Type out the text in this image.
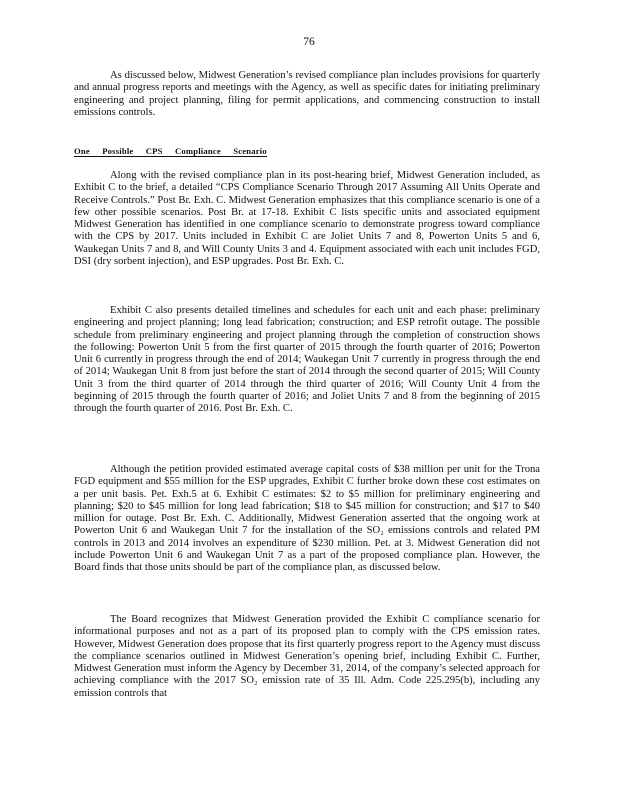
76

As discussed below, Midwest Generation’s revised compliance plan includes provisions for quarterly and annual progress reports and meetings with the Agency, as well as specific dates for initiating preliminary engineering and project planning, filing for permit applications, and commencing construction to install emissions controls.

One Possible CPS Compliance Scenario

Along with the revised compliance plan in its post-hearing brief, Midwest Generation included, as Exhibit C to the brief, a detailed “CPS Compliance Scenario Through 2017 Assuming All Units Operate and Receive Controls.” Post Br. Exh. C. Midwest Generation emphasizes that this compliance scenario is one of a few other possible scenarios. Post Br. at 17-18. Exhibit C lists specific units and associated equipment Midwest Generation has identified in one compliance scenario to demonstrate progress toward compliance with the CPS by 2017. Units included in Exhibit C are Joliet Units 7 and 8, Powerton Units 5 and 6, Waukegan Units 7 and 8, and Will County Units 3 and 4. Equipment associated with each unit includes FGD, DSI (dry sorbent injection), and ESP upgrades. Post Br. Exh. C.

Exhibit C also presents detailed timelines and schedules for each unit and each phase: preliminary engineering and project planning; long lead fabrication; construction; and ESP retrofit outage. The possible schedule from preliminary engineering and project planning through the completion of construction shows the following: Powerton Unit 5 from the first quarter of 2015 through the fourth quarter of 2016; Powerton Unit 6 currently in progress through the end of 2014; Waukegan Unit 7 currently in progress through the end of 2014; Waukegan Unit 8 from just before the start of 2014 through the second quarter of 2015; Will County Unit 3 from the third quarter of 2014 through the third quarter of 2016; Will County Unit 4 from the beginning of 2015 through the fourth quarter of 2016; and Joliet Units 7 and 8 from the beginning of 2015 through the fourth quarter of 2016. Post Br. Exh. C.

Although the petition provided estimated average capital costs of $38 million per unit for the Trona FGD equipment and $55 million for the ESP upgrades, Exhibit C further broke down these cost estimates on a per unit basis. Pet. Exh.5 at 6. Exhibit C estimates: $2 to $5 million for preliminary engineering and planning; $20 to $45 million for long lead fabrication; $18 to $45 million for construction; and $17 to $40 million for outage. Post Br. Exh. C. Additionally, Midwest Generation asserted that the ongoing work at Powerton Unit 6 and Waukegan Unit 7 for the installation of the SO₂ emissions controls and related PM controls in 2013 and 2014 involves an expenditure of $230 million. Pet. at 3. Midwest Generation did not include Powerton Unit 6 and Waukegan Unit 7 as a part of the proposed compliance plan. However, the Board finds that those units should be part of the compliance plan, as discussed below.

The Board recognizes that Midwest Generation provided the Exhibit C compliance scenario for informational purposes and not as a part of its proposed plan to comply with the CPS emission rates. However, Midwest Generation does propose that its first quarterly progress report to the Agency must discuss the compliance scenarios outlined in Midwest Generation’s opening brief, including Exhibit C. Further, Midwest Generation must inform the Agency by December 31, 2014, of the company’s selected approach for achieving compliance with the 2017 SO₂ emission rate of 35 Ill. Adm. Code 225.295(b), including any emission controls that
